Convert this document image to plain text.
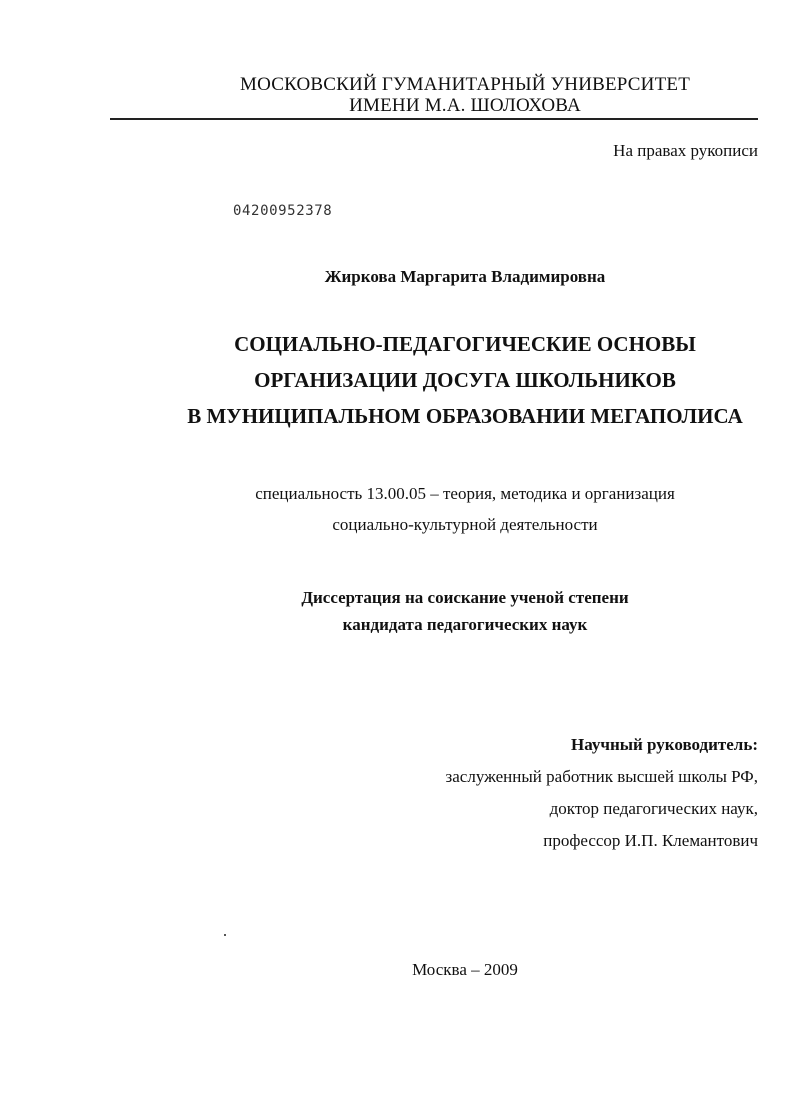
МОСКОВСКИЙ ГУМАНИТАРНЫЙ УНИВЕРСИТЕТ
ИМЕНИ М.А. ШОЛОХОВА
На правах рукописи
04200952378
Жиркова Маргарита Владимировна
СОЦИАЛЬНО-ПЕДАГОГИЧЕСКИЕ ОСНОВЫ
ОРГАНИЗАЦИИ ДОСУГА ШКОЛЬНИКОВ
В МУНИЦИПАЛЬНОМ ОБРАЗОВАНИИ МЕГАПОЛИСА
специальность 13.00.05 – теория, методика и организация
социально-культурной деятельности
Диссертация на соискание ученой степени
кандидата педагогических наук
Научный руководитель:
заслуженный работник высшей школы РФ,
доктор педагогических наук,
профессор И.П. Клемантович
Москва – 2009
